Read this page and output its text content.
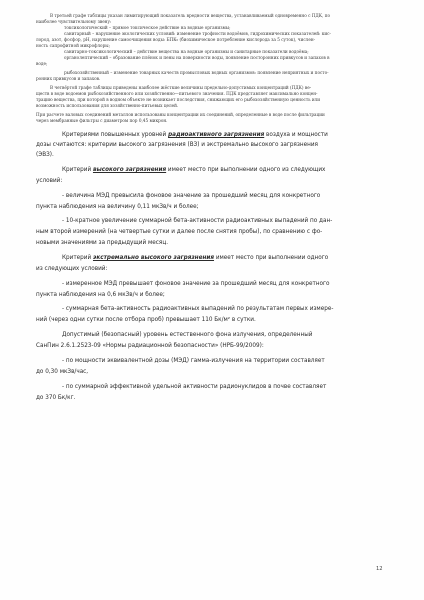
В третьей графе таблицы указан лимитирующий показатель вредности вещества, устанавливаемый одновременно с ПДК, по

наиболее чувствительному звену:

токсикологический – прямое токсическое действие на водные организмы;

санитарный – нарушение экологических условий: изменение трофности водоёмов, гидрохимических показателей: кис-

лород, азот, фосфор, рН, нарушение самоочищения воды: БПК₅ (биохимическое потребление кислорода за 5 суток), числен-

ность сапрофитной микрофлоры;

санитарно-токсикологический – действие вещества на водные организмы и санитарные показатели водоёма;

органолептический – образование плёнок и пены на поверхности воды, появление посторонних привкусов и запахов в

воде;

рыбохозяйственный – изменение товарных качеств промысловых водных организмов: появление неприятных и посто-

ронних привкусов и запахов.

В четвёртой графе таблицы приведены наиболее жёсткие величины предельно-допустимых концентраций (ПДК) ве-

ществ в воде водоемов рыбохозяйственного или хозяйственно—питьевого значения. ПДК представляет максимально концен-

трацию вещества, при которой в водном объекте не возникает последствия, снижающих его рыбохозяйственную ценность или

возможность использования для хозяйственно-питьевых целей.

При расчете валовых соединений металлов использованы концентрации их соединений, определенные в воде после фильтрации

через мембранные фильтры с диаметром пор 0,45 микрон.

Критериями повышенных уровней радиоактивного загрязнения воздуха и мощности

дозы считаются: критерии высокого загрязнения (ВЗ) и экстремально высокого загрязнения

(ЭВЗ).

Критерий высокого загрязнения имеет место при выполнении одного из следующих

условий:

- величина МЭД превысила фоновое значение за прошедший месяц для конкретного

пункта наблюдения на величину 0,11 мкЗв/ч и более;

- 10-кратное увеличение суммарной бета-активности радиоактивных выпадений по дан-

ным второй измерений (на четвертые сутки и далее после снятия пробы), по сравнению с фо-

новыми значениями за предыдущий месяц.

Критерий экстремально высокого загрязнения имеет место при выполнении одного

из следующих условий:

- измеренное МЭД превышает фоновое значение за прошедший месяц для конкретного

пункта наблюдения на 0,6 мкЗв/ч и более;

- суммарная бета-активность радиоактивных выпадений по результатам первых измере-

ний (через одни сутки после отбора проб) превышает 110 Бк/м² в сутки.

Допустимый (безопасный) уровень естественного фона излучения, определенный

СанПин 2.6.1.2523-09 «Нормы радиационной безопасности» (НРБ-99/2009):

- по мощности эквивалентной дозы (МЭД) гамма-излучения на территории составляет

до 0,30 мкЗв/час,

- по суммарной эффективной удельной активности радионуклидов в почве составляет

до 370 Бк/кг.

12
